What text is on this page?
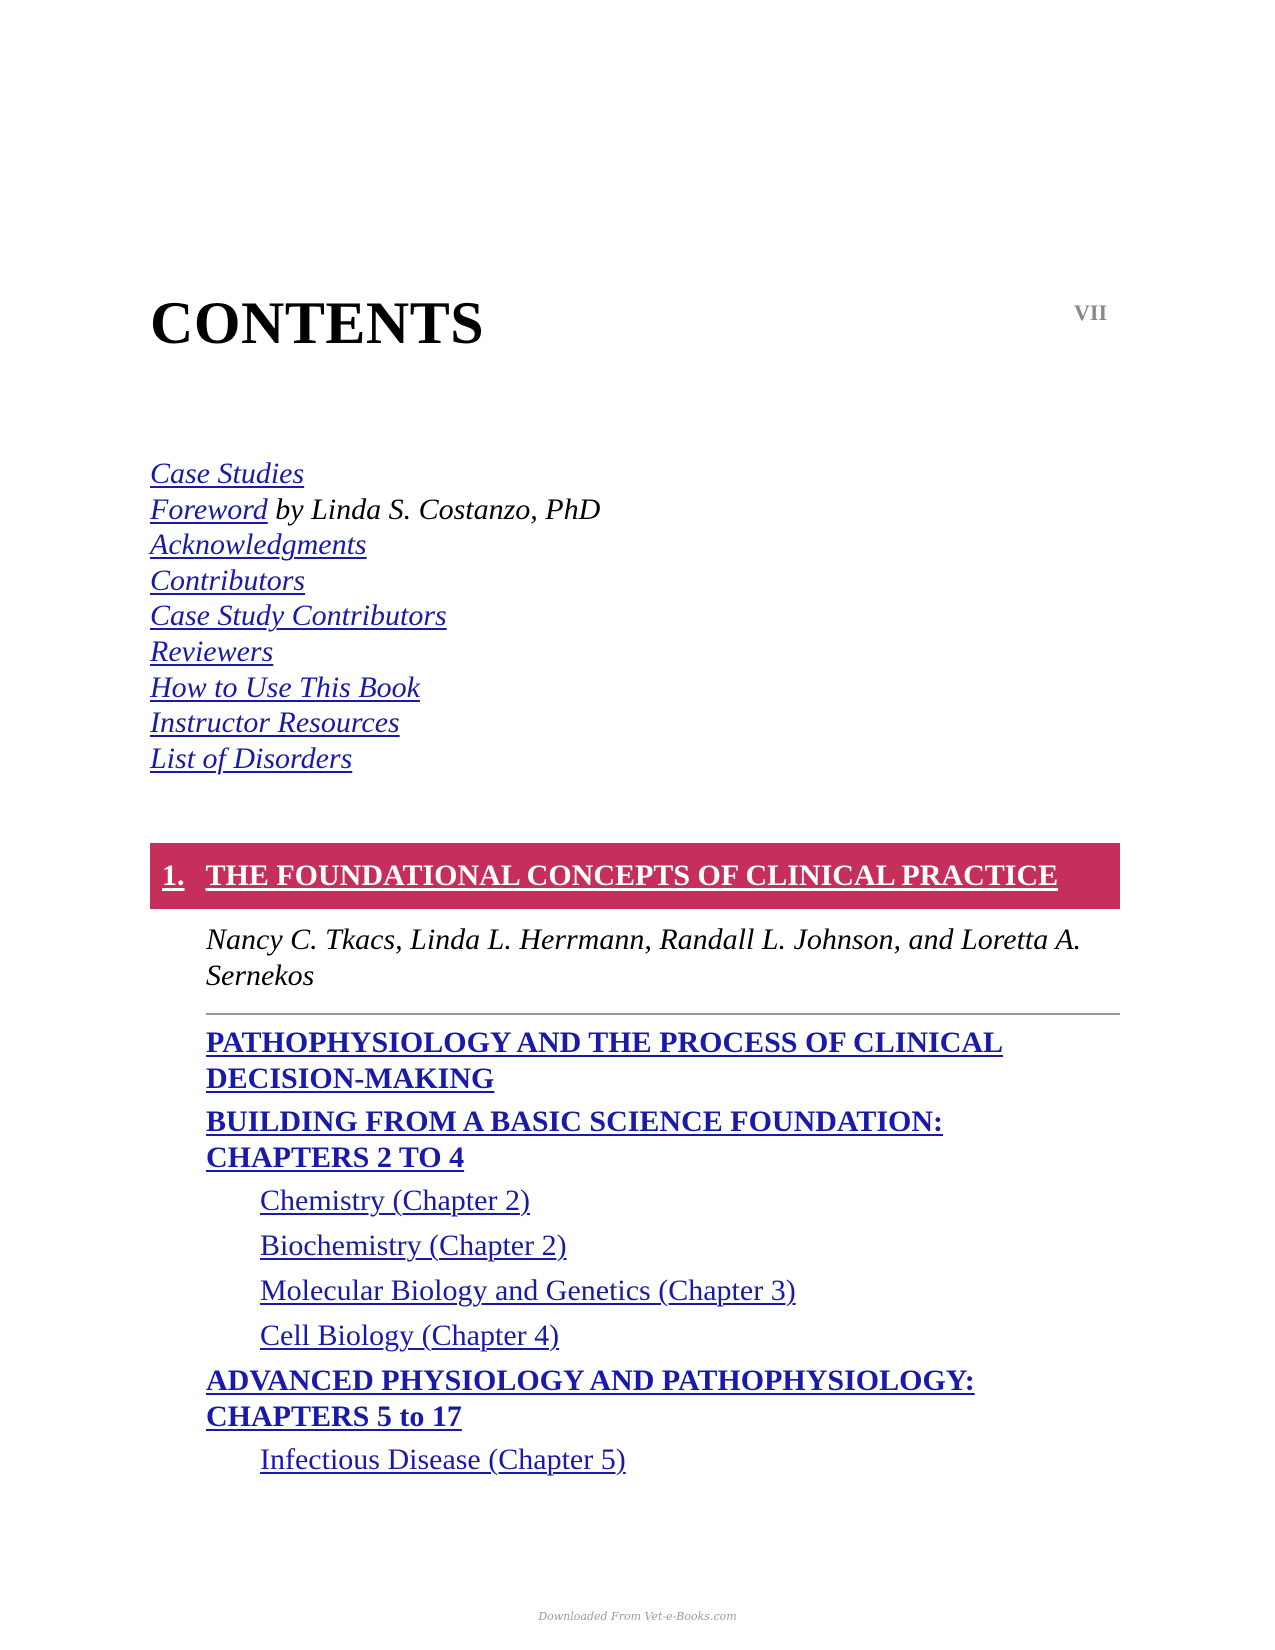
VII
CONTENTS
Case Studies
Foreword by Linda S. Costanzo, PhD
Acknowledgments
Contributors
Case Study Contributors
Reviewers
How to Use This Book
Instructor Resources
List of Disorders
1. THE FOUNDATIONAL CONCEPTS OF CLINICAL PRACTICE
Nancy C. Tkacs, Linda L. Herrmann, Randall L. Johnson, and Loretta A. Sernekos
PATHOPHYSIOLOGY AND THE PROCESS OF CLINICAL DECISION-MAKING
BUILDING FROM A BASIC SCIENCE FOUNDATION: CHAPTERS 2 TO 4
Chemistry (Chapter 2)
Biochemistry (Chapter 2)
Molecular Biology and Genetics (Chapter 3)
Cell Biology (Chapter 4)
ADVANCED PHYSIOLOGY AND PATHOPHYSIOLOGY: CHAPTERS 5 to 17
Infectious Disease (Chapter 5)
Downloaded From Vet-e-Books.com
